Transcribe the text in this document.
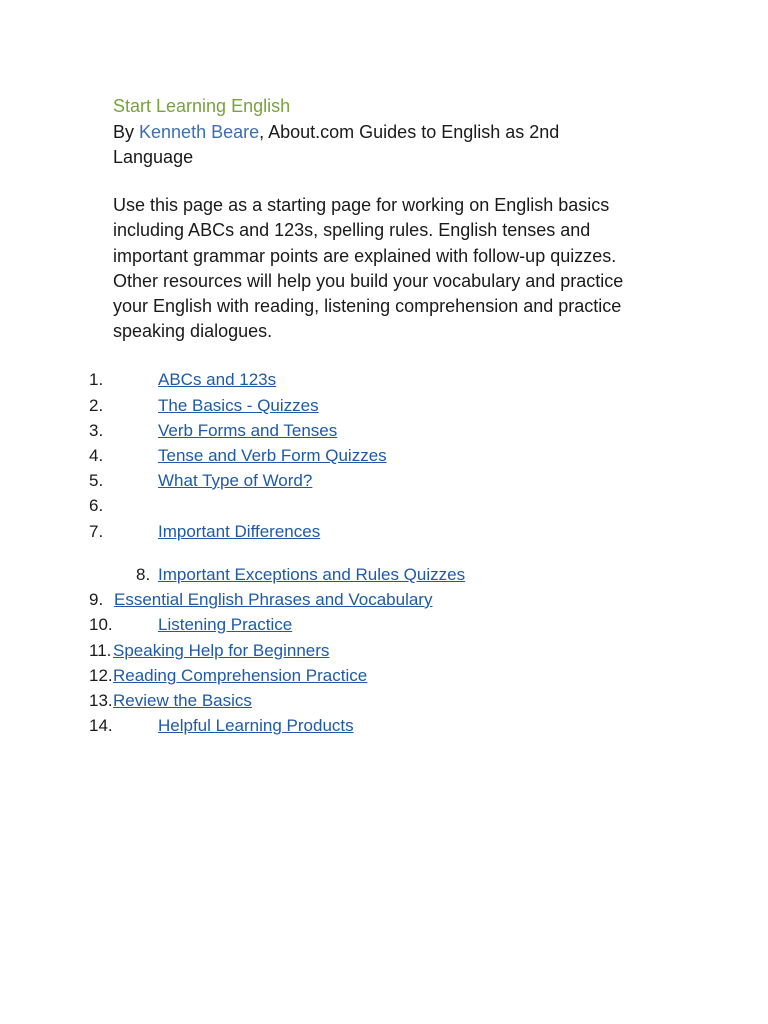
Start Learning English
By Kenneth Beare, About.com Guides to English as 2nd Language
Use this page as a starting page for working on English basics including ABCs and 123s, spelling rules. English tenses and important grammar points are explained with follow-up quizzes. Other resources will help you build your vocabulary and practice your English with reading, listening comprehension and practice speaking dialogues.
1.	ABCs and 123s
2.	The Basics - Quizzes
3.	Verb Forms and Tenses
4.	Tense and Verb Form Quizzes
5.	What Type of Word?
6.
7.	Important Differences
8. Important Exceptions and Rules Quizzes
9. Essential English Phrases and Vocabulary
10.	Listening Practice
11. Speaking Help for Beginners
12. Reading Comprehension Practice
13. Review the Basics
14.	Helpful Learning Products
